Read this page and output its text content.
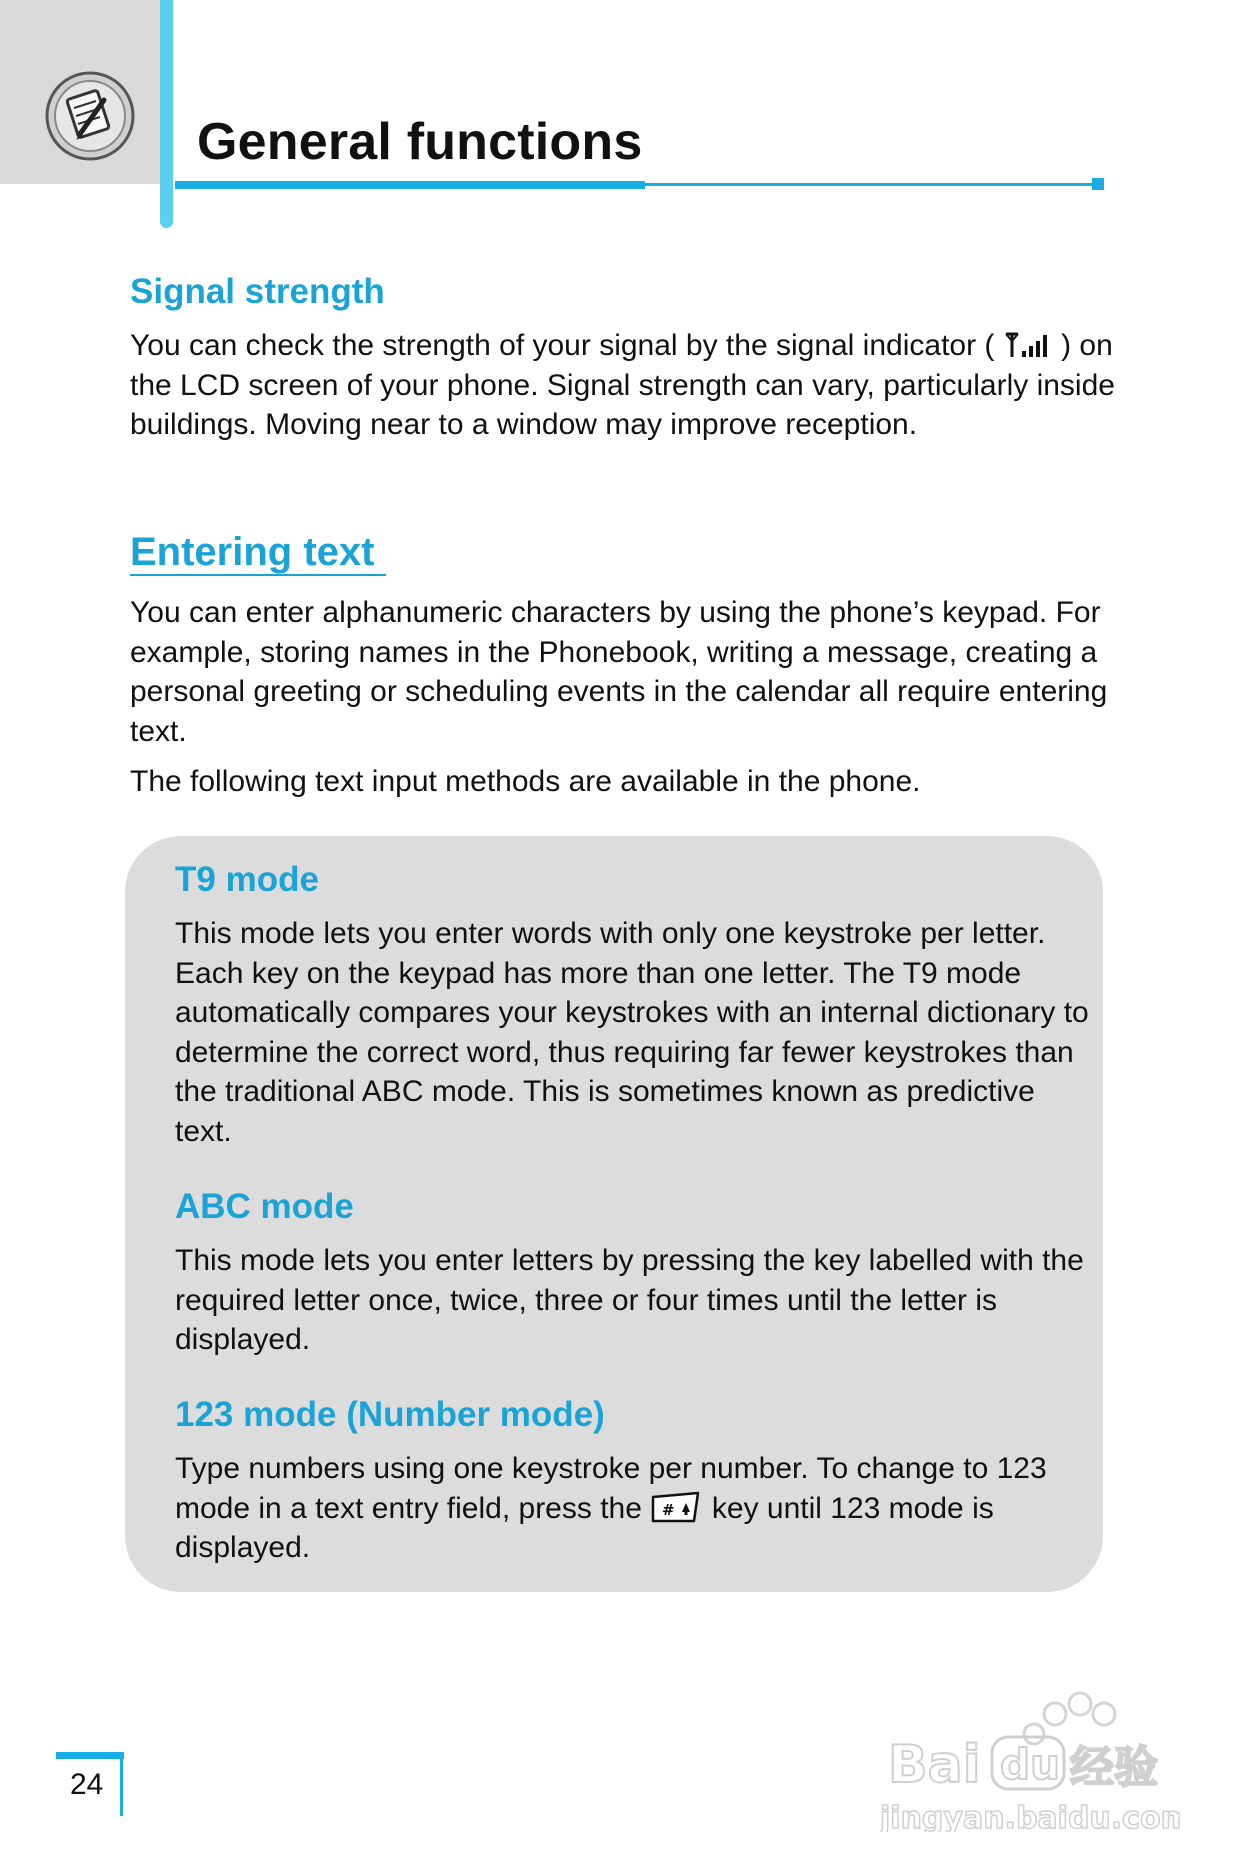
General functions
Signal strength

You can check the strength of your signal by the signal indicator (  ) on the LCD screen of your phone. Signal strength can vary, particularly inside buildings. Moving near to a window may improve reception.

Entering text

You can enter alphanumeric characters by using the phone’s keypad. For example, storing names in the Phonebook, writing a message, creating a personal greeting or scheduling events in the calendar all require entering text.

The following text input methods are available in the phone.

T9 mode

This mode lets you enter words with only one keystroke per letter. Each key on the keypad has more than one letter. The T9 mode automatically compares your keystrokes with an internal dictionary to determine the correct word, thus requiring far fewer keystrokes than the traditional ABC mode. This is sometimes known as predictive text.

ABC mode

This mode lets you enter letters by pressing the key labelled with the required letter once, twice, three or four times until the letter is displayed.

123 mode (Number mode)

Type numbers using one keystroke per number. To change to 123 mode in a text entry field, press the # key until 123 mode is displayed.

24	Bai du 经验
jingyan.baidu.com
